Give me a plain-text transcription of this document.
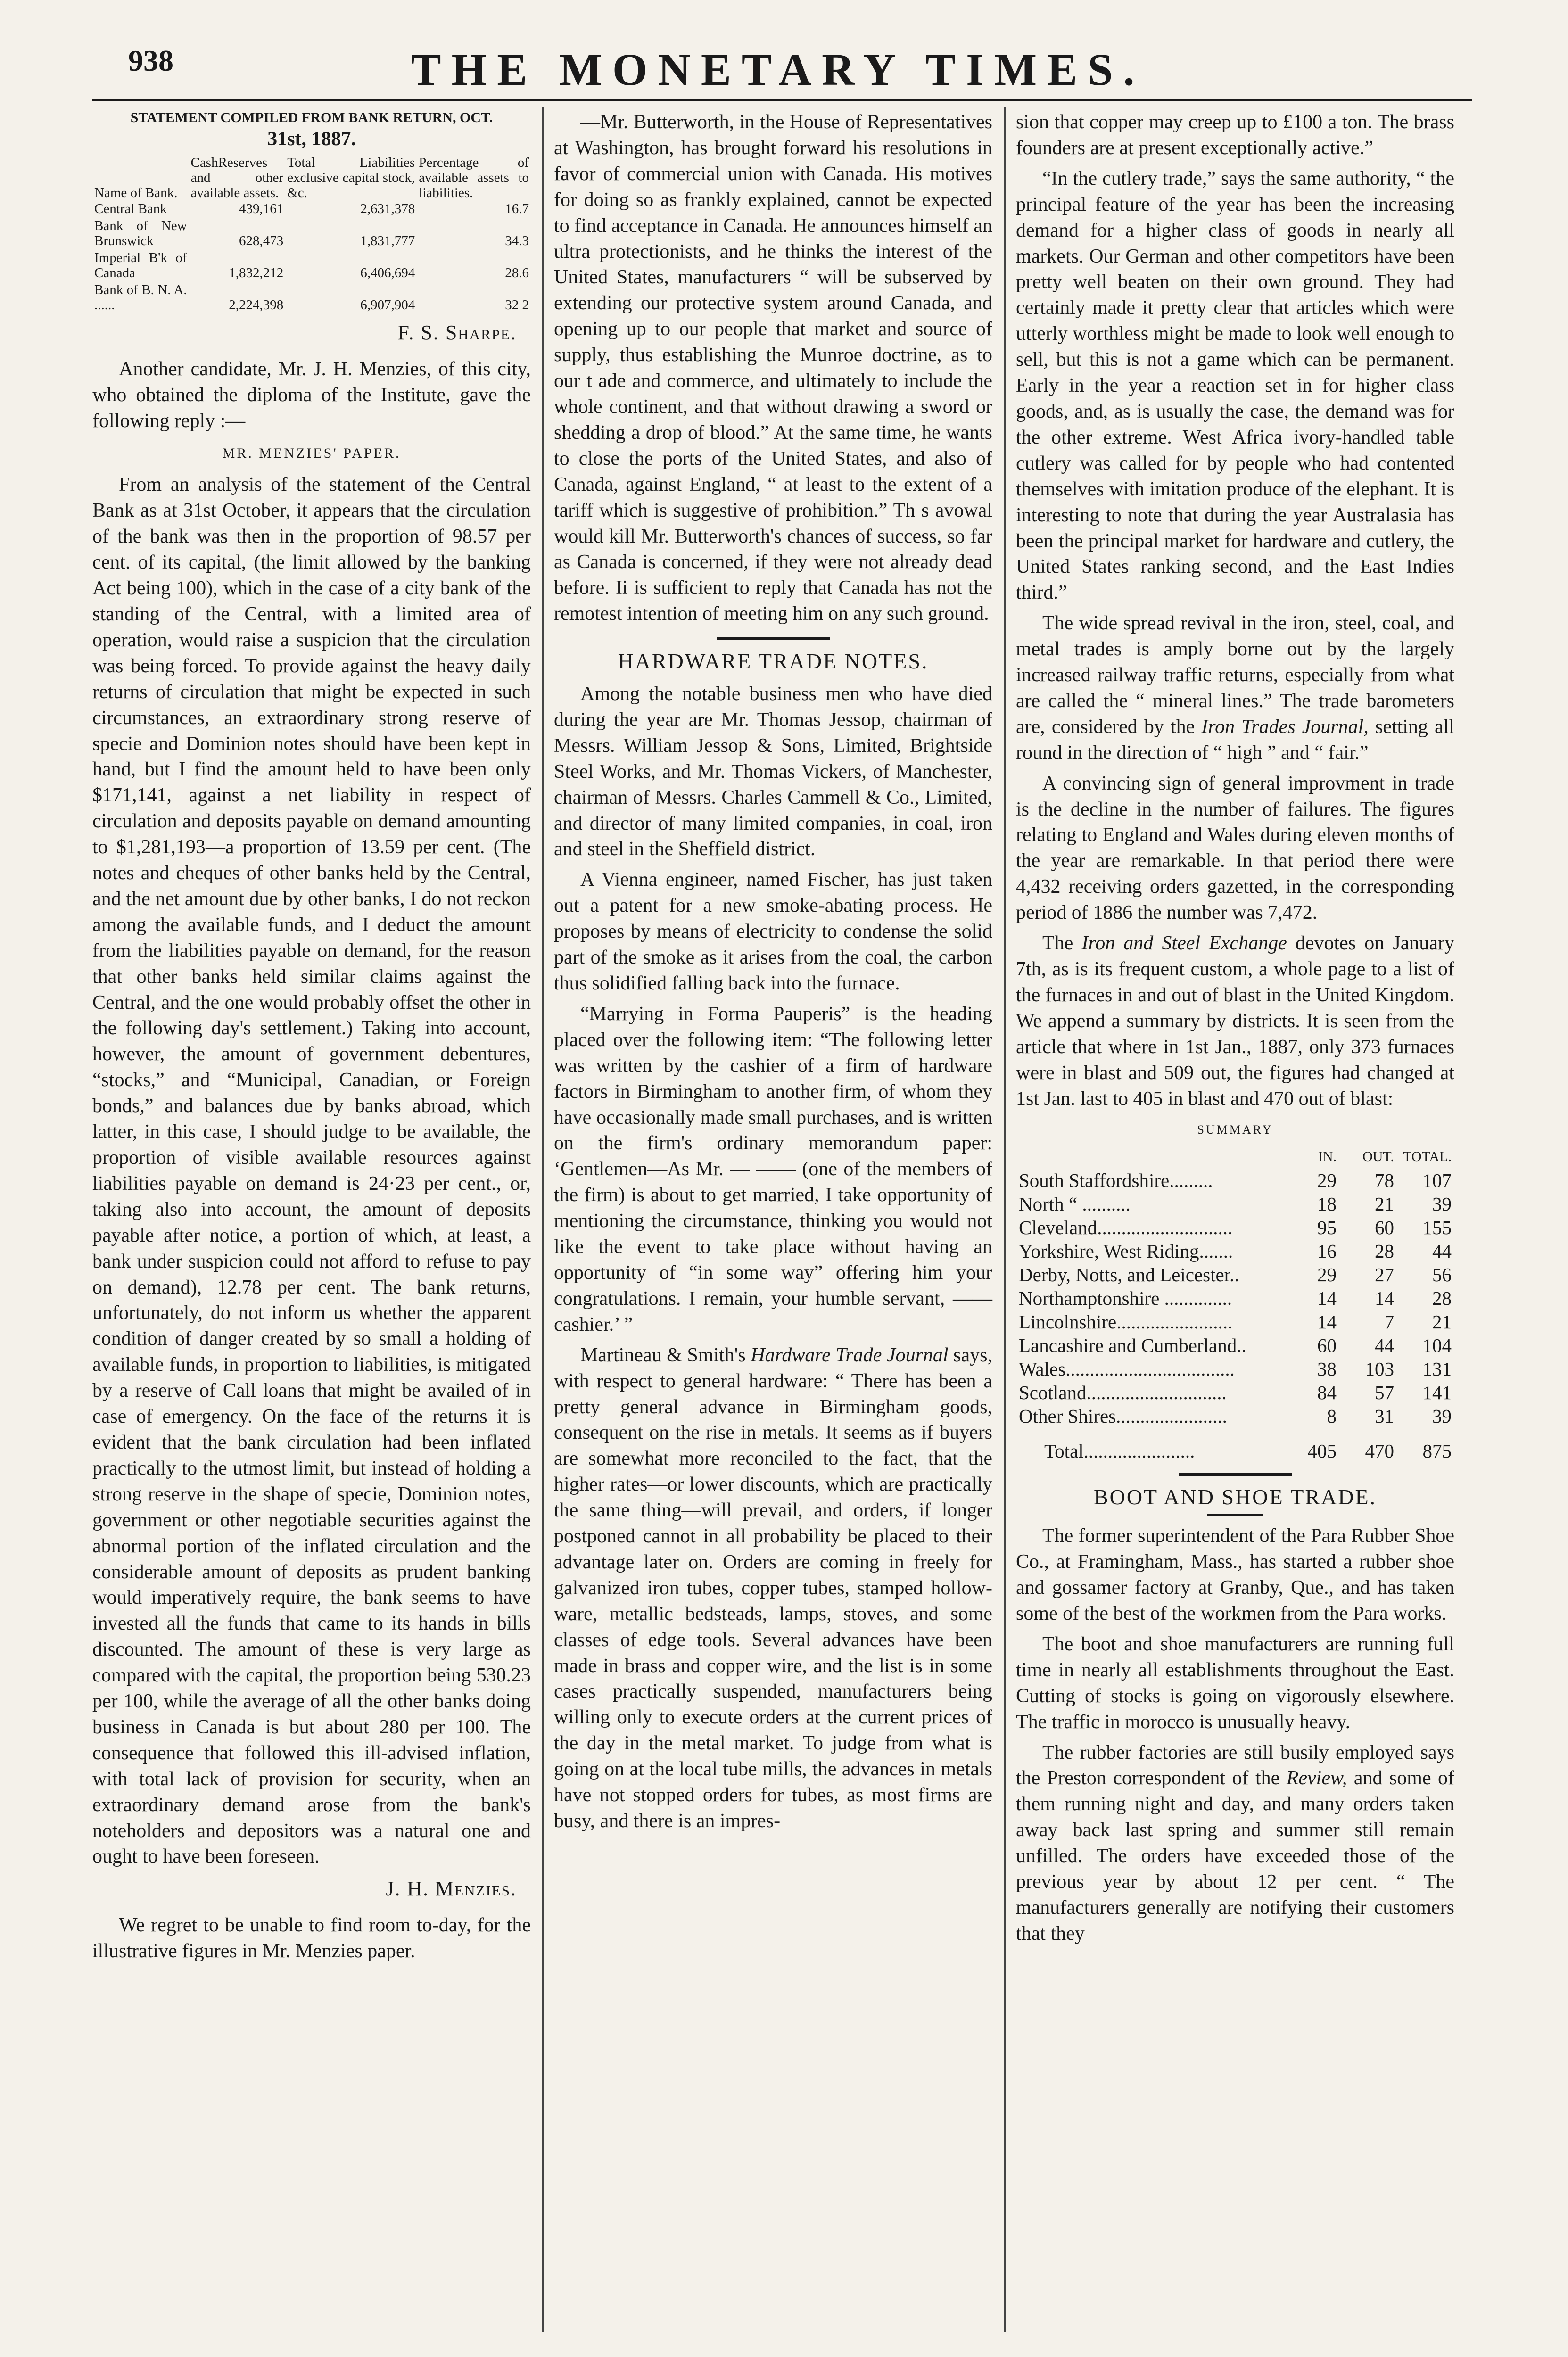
938	THE MONETARY TIMES.
STATEMENT COMPILED FROM BANK RETURN, OCT.
31st, 1887.
Name of Bank.	CashReserves and other available assets.	Total Liabilities exclusive capital stock, &c.	Percentage of available assets to liabilities.
Central Bank	439,161	2,631,378	16.7
Bank of New Brunswick	628,473	1,831,777	34.3
Imperial B'k of Canada	1,832,212	6,406,694	28.6
Bank of B. N. A. ......	2,224,398	6,907,904	32 2
F. S. Sharpe.

Another candidate, Mr. J. H. Menzies, of this city, who obtained the diploma of the Institute, gave the following reply :—

MR. MENZIES' PAPER.

From an analysis of the statement of the Central Bank as at 31st October, it appears that the circulation of the bank was then in the proportion of 98.57 per cent. of its capital, (the limit allowed by the banking Act being 100), which in the case of a city bank of the standing of the Central, with a limited area of operation, would raise a suspicion that the circulation was being forced. To provide against the heavy daily returns of circulation that might be expected in such circumstances, an extraordinary strong reserve of specie and Dominion notes should have been kept in hand, but I find the amount held to have been only $171,141, against a net liability in respect of circulation and deposits payable on demand amounting to $1,281,193—a proportion of 13.59 per cent. (The notes and cheques of other banks held by the Central, and the net amount due by other banks, I do not reckon among the available funds, and I deduct the amount from the liabilities payable on demand, for the reason that other banks held similar claims against the Central, and the one would probably offset the other in the following day's settlement.) Taking into account, however, the amount of government debentures, “stocks,” and “Municipal, Canadian, or Foreign bonds,” and balances due by banks abroad, which latter, in this case, I should judge to be available, the proportion of visible available resources against liabilities payable on demand is 24·23 per cent., or, taking also into account, the amount of deposits payable after notice, a portion of which, at least, a bank under suspicion could not afford to refuse to pay on demand), 12.78 per cent. The bank returns, unfortunately, do not inform us whether the apparent condition of danger created by so small a holding of available funds, in proportion to liabilities, is mitigated by a reserve of Call loans that might be availed of in case of emergency. On the face of the returns it is evident that the bank circulation had been inflated practically to the utmost limit, but instead of holding a strong reserve in the shape of specie, Dominion notes, government or other negotiable securities against the abnormal portion of the inflated circulation and the considerable amount of deposits as prudent banking would imperatively require, the bank seems to have invested all the funds that came to its hands in bills discounted. The amount of these is very large as compared with the capital, the proportion being 530.23 per 100, while the average of all the other banks doing business in Canada is but about 280 per 100. The consequence that followed this ill-advised inflation, with total lack of provision for security, when an extraordinary demand arose from the bank's noteholders and depositors was a natural one and ought to have been foreseen.

J. H. Menzies.

We regret to be unable to find room to-day, for the illustrative figures in Mr. Menzies paper.

—Mr. Butterworth, in the House of Representatives at Washington, has brought forward his resolutions in favor of commercial union with Canada. His motives for doing so as frankly explained, cannot be expected to find acceptance in Canada. He announces himself an ultra protectionists, and he thinks the interest of the United States, manufacturers “ will be subserved by extending our protective system around Canada, and opening up to our people that market and source of supply, thus establishing the Munroe doctrine, as to our t ade and commerce, and ultimately to include the whole continent, and that without drawing a sword or shedding a drop of blood.” At the same time, he wants to close the ports of the United States, and also of Canada, against England, “ at least to the extent of a tariff which is suggestive of prohibition.” Th s avowal would kill Mr. Butterworth's chances of success, so far as Canada is concerned, if they were not already dead before. Ii is sufficient to reply that Canada has not the remotest intention of meeting him on any such ground.

HARDWARE TRADE NOTES.

Among the notable business men who have died during the year are Mr. Thomas Jessop, chairman of Messrs. William Jessop & Sons, Limited, Brightside Steel Works, and Mr. Thomas Vickers, of Manchester, chairman of Messrs. Charles Cammell & Co., Limited, and director of many limited companies, in coal, iron and steel in the Sheffield district.

A Vienna engineer, named Fischer, has just taken out a patent for a new smoke-abating process. He proposes by means of electricity to condense the solid part of the smoke as it arises from the coal, the carbon thus solidified falling back into the furnace.

“Marrying in Forma Pauperis” is the heading placed over the following item: “The following letter was written by the cashier of a firm of hardware factors in Birmingham to another firm, of whom they have occasionally made small purchases, and is written on the firm's ordinary memorandum paper: ‘Gentlemen—As Mr. — —— (one of the members of the firm) is about to get married, I take opportunity of mentioning the circumstance, thinking you would not like the event to take place without having an opportunity of “in some way” offering him your congratulations. I remain, your humble servant, —— cashier.’ ”

Martineau & Smith's Hardware Trade Journal says, with respect to general hardware: “ There has been a pretty general advance in Birmingham goods, consequent on the rise in metals. It seems as if buyers are somewhat more reconciled to the fact, that the higher rates—or lower discounts, which are practically the same thing—will prevail, and orders, if longer postponed cannot in all probability be placed to their advantage later on. Orders are coming in freely for galvanized iron tubes, copper tubes, stamped hollow-ware, metallic bedsteads, lamps, stoves, and some classes of edge tools. Several advances have been made in brass and copper wire, and the list is in some cases practically suspended, manufacturers being willing only to execute orders at the current prices of the day in the metal market. To judge from what is going on at the local tube mills, the advances in metals have not stopped orders for tubes, as most firms are busy, and there is an impres-

sion that copper may creep up to £100 a ton. The brass founders are at present exceptionally active.”

“In the cutlery trade,” says the same authority, “ the principal feature of the year has been the increasing demand for a higher class of goods in nearly all markets. Our German and other competitors have been pretty well beaten on their own ground. They had certainly made it pretty clear that articles which were utterly worthless might be made to look well enough to sell, but this is not a game which can be permanent. Early in the year a reaction set in for higher class goods, and, as is usually the case, the demand was for the other extreme. West Africa ivory-handled table cutlery was called for by people who had contented themselves with imitation produce of the elephant. It is interesting to note that during the year Australasia has been the principal market for hardware and cutlery, the United States ranking second, and the East Indies third.”

The wide spread revival in the iron, steel, coal, and metal trades is amply borne out by the largely increased railway traffic returns, especially from what are called the “ mineral lines.” The trade barometers are, considered by the Iron Trades Journal, setting all round in the direction of “ high ” and “ fair.”

A convincing sign of general improvment in trade is the decline in the number of failures. The figures relating to England and Wales during eleven months of the year are remarkable. In that period there were 4,432 receiving orders gazetted, in the corresponding period of 1886 the number was 7,472.

The Iron and Steel Exchange devotes on January 7th, as is its frequent custom, a whole page to a list of the furnaces in and out of blast in the United Kingdom. We append a summary by districts. It is seen from the article that where in 1st Jan., 1887, only 373 furnaces were in blast and 509 out, the figures had changed at 1st Jan. last to 405 in blast and 470 out of blast:

SUMMARY
	IN.	OUT.	TOTAL.
South Staffordshire.........	29	78	107
North “ ..........	18	21	39
Cleveland............................	95	60	155
Yorkshire, West Riding.......	16	28	44
Derby, Notts, and Leicester..	29	27	56
Northamptonshire ..............	14	14	28
Lincolnshire........................	14	7	21
Lancashire and Cumberland..	60	44	104
Wales...................................	38	103	131
Scotland.............................	84	57	141
Other Shires.......................	8	31	39
Total.......................	405	470	875
BOOT AND SHOE TRADE.

The former superintendent of the Para Rubber Shoe Co., at Framingham, Mass., has started a rubber shoe and gossamer factory at Granby, Que., and has taken some of the best of the workmen from the Para works.

The boot and shoe manufacturers are running full time in nearly all establishments throughout the East. Cutting of stocks is going on vigorously elsewhere. The traffic in morocco is unusually heavy.

The rubber factories are still busily employed says the Preston correspondent of the Review, and some of them running night and day, and many orders taken away back last spring and summer still remain unfilled. The orders have exceeded those of the previous year by about 12 per cent. “ The manufacturers generally are notifying their customers that they
